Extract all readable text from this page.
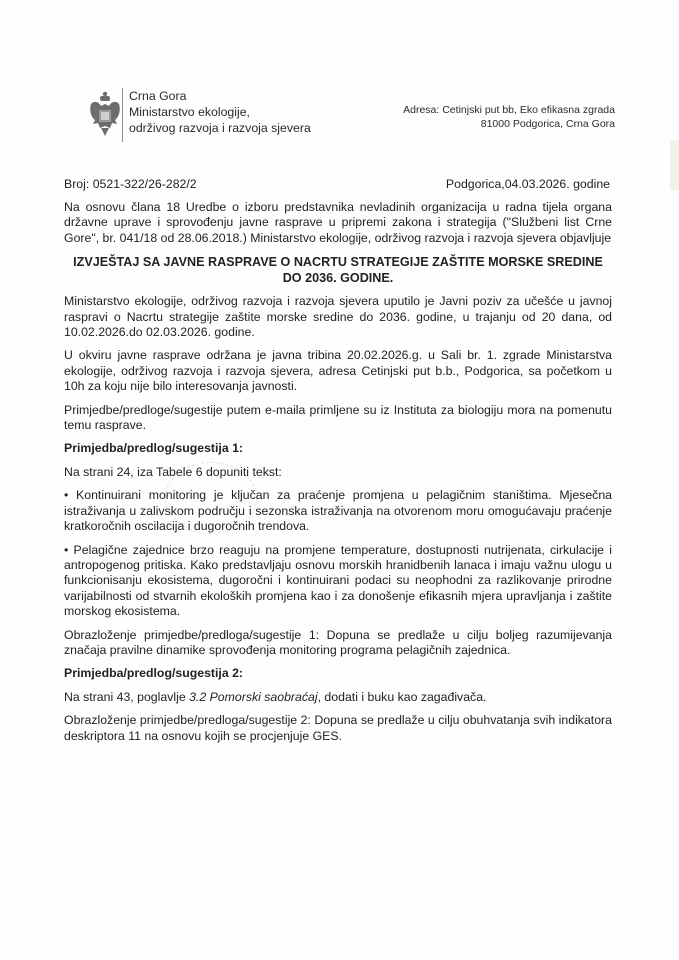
Crna Gora
Ministarstvo ekologije,
održivog razvoja i razvoja sjevera
Adresa: Cetinjski put bb, Eko efikasna zgrada
81000 Podgorica, Crna Gora
Broj: 0521-322/26-282/2	Podgorica,04.03.2026. godine

Na osnovu člana 18 Uredbe o izboru predstavnika nevladinih organizacija u radna tijela organa državne uprave i sprovođenju javne rasprave u pripremi zakona i strategija ("Službeni list Crne Gore", br. 041/18 od 28.06.2018.) Ministarstvo ekologije, održivog razvoja i razvoja sjevera objavljuje

IZVJEŠTAJ SA JAVNE RASPRAVE O NACRTU STRATEGIJE ZAŠTITE MORSKE SREDINE DO 2036. GODINE.

Ministarstvo ekologije, održivog razvoja i razvoja sjevera uputilo je Javni poziv za učešće u javnoj raspravi o Nacrtu strategije zaštite morske sredine do 2036. godine, u trajanju od 20 dana, od 10.02.2026.do 02.03.2026. godine.

U okviru javne rasprave održana je javna tribina 20.02.2026.g. u Sali br. 1. zgrade Ministarstva ekologije, održivog razvoja i razvoja sjevera, adresa Cetinjski put b.b., Podgorica, sa početkom u 10h za koju nije bilo interesovanja javnosti.

Primjedbe/predloge/sugestije putem e-maila primljene su iz Instituta za biologiju mora na pomenutu temu rasprave.

Primjedba/predlog/sugestija 1:

Na strani 24, iza Tabele 6 dopuniti tekst:

• Kontinuirani monitoring je ključan za praćenje promjena u pelagičnim staništima. Mjesečna istraživanja u zalivskom području i sezonska istraživanja na otvorenom moru omogućavaju praćenje kratkoročnih oscilacija i dugoročnih trendova.

• Pelagične zajednice brzo reaguju na promjene temperature, dostupnosti nutrijenata, cirkulacije i antropogenog pritiska. Kako predstavljaju osnovu morskih hranidbenih lanaca i imaju važnu ulogu u funkcionisanju ekosistema, dugoročni i kontinuirani podaci su neophodni za razlikovanje prirodne varijabilnosti od stvarnih ekoloških promjena kao i za donošenje efikasnih mjera upravljanja i zaštite morskog ekosistema.

Obrazloženje primjedbe/predloga/sugestije 1: Dopuna se predlaže u cilju boljeg razumijevanja značaja pravilne dinamike sprovođenja monitoring programa pelagičnih zajednica.

Primjedba/predlog/sugestija 2:

Na strani 43, poglavlje 3.2 Pomorski saobraćaj, dodati i buku kao zagađivača.

Obrazloženje primjedbe/predloga/sugestije 2: Dopuna se predlaže u cilju obuhvatanja svih indikatora deskriptora 11 na osnovu kojih se procjenjuje GES.
